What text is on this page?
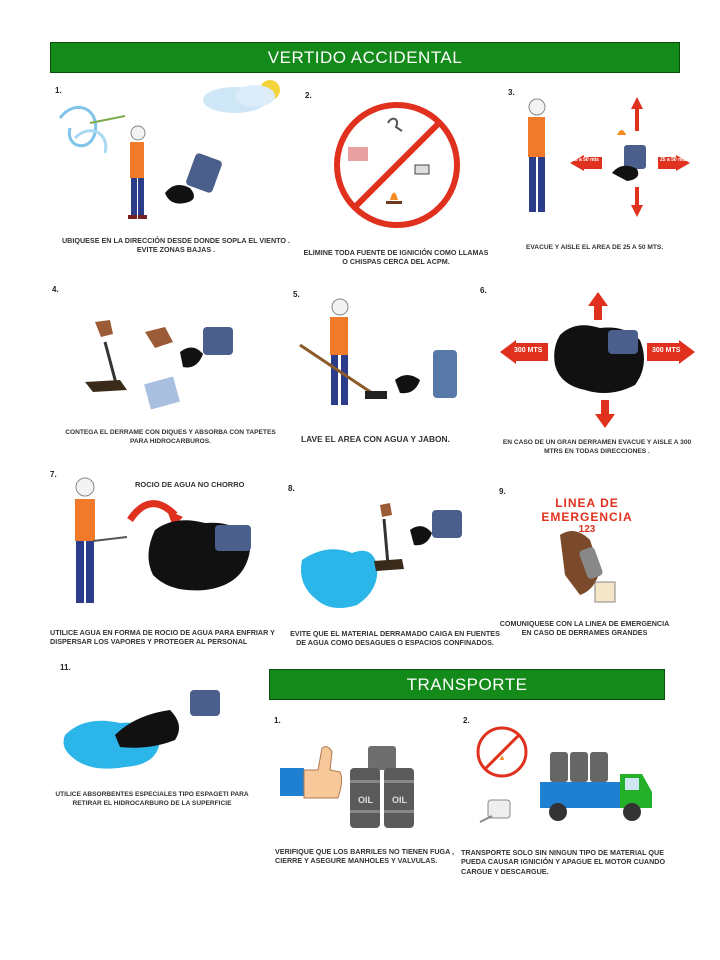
VERTIDO ACCIDENTAL
TRANSPORTE
1.
UBIQUESE EN LA DIRECCIÓN DESDE DONDE SOPLA EL VIENTO . EVITE ZONAS BAJAS .
2.
ELIMINE TODA FUENTE DE IGNICIÓN COMO LLAMAS O CHISPAS CERCA DEL ACPM.
3.
25 a 50 mts	25 a 50 mts
EVACUE Y AISLE EL AREA DE 25 A 50 MTS.
4.
CONTEGA EL DERRAME CON DIQUES Y ABSORBA CON TAPETES PARA HIDROCARBUROS.
5.
LAVE EL AREA CON AGUA Y JABON.
6.
300 MTS	300 MTS
EN CASO DE UN GRAN DERRAMEN EVACUE Y AISLE A 300 MTRS EN TODAS DIRECCIONES .
7.
ROCIO DE AGUA NO CHORRO
UTILICE AGUA EN FORMA DE ROCIO DE AGUA PARA ENFRIAR Y DISPERSAR LOS VAPORES Y PROTEGER AL PERSONAL
8.
EVITE QUE EL MATERIAL DERRAMADO CAIGA EN FUENTES DE AGUA COMO DESAGUES O ESPACIOS CONFINADOS.
9.
LINEA DE EMERGENCIA
123
COMUNIQUESE CON LA LINEA DE EMERGENCIA EN CASO DE DERRAMES GRANDES
11.
UTILICE ABSORBENTES ESPECIALES TIPO ESPAGETI PARA RETIRAR EL HIDROCARBURO DE LA SUPERFICIE
1.
OIL OIL
VERIFIQUE QUE LOS BARRILES NO TIENEN FUGA , CIERRE Y ASEGURE MANHOLES Y VALVULAS.
2.
TRANSPORTE SOLO SIN NINGUN TIPO DE MATERIAL QUE PUEDA CAUSAR IGNICIÓN Y APAGUE EL MOTOR CUANDO CARGUE Y DESCARGUE.
